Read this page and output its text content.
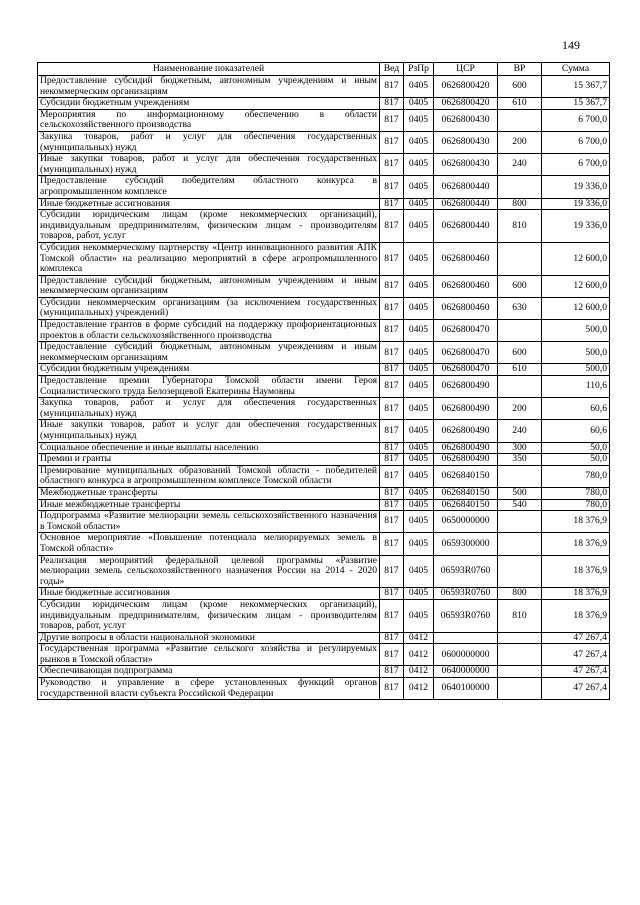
149
Наименование показателей	Вед	РзПр	ЦСР	ВР	Сумма
Предоставление субсидий бюджетным, автономным учреждениям и иным некоммерческим организациям	817	0405	0626800420	600	15 367,7
Субсидии бюджетным учреждениям	817	0405	0626800420	610	15 367,7
Мероприятия по информационному обеспечению в области сельскохозяйственного производства	817	0405	0626800430		6 700,0
Закупка товаров, работ и услуг для обеспечения государственных (муниципальных) нужд	817	0405	0626800430	200	6 700,0
Иные закупки товаров, работ и услуг для обеспечения государственных (муниципальных) нужд	817	0405	0626800430	240	6 700,0
Предоставление субсидий победителям областного конкурса в агропромышленном комплексе	817	0405	0626800440		19 336,0
Иные бюджетные ассигнования	817	0405	0626800440	800	19 336,0
Субсидии юридическим лицам (кроме некоммерческих организаций), индивидуальным предпринимателям, физическим лицам - производителям товаров, работ, услуг	817	0405	0626800440	810	19 336,0
Субсидия некоммерческому партнерству «Центр инновационного развития АПК Томской области» на реализацию мероприятий в сфере агропромышленного комплекса	817	0405	0626800460		12 600,0
Предоставление субсидий бюджетным, автономным учреждениям и иным некоммерческим организациям	817	0405	0626800460	600	12 600,0
Субсидии некоммерческим организациям (за исключением государственных (муниципальных) учреждений)	817	0405	0626800460	630	12 600,0
Предоставление грантов в форме субсидий на поддержку профориентационных проектов в области сельскохозяйственного производства	817	0405	0626800470		500,0
Предоставление субсидий бюджетным, автономным учреждениям и иным некоммерческим организациям	817	0405	0626800470	600	500,0
Субсидии бюджетным учреждениям	817	0405	0626800470	610	500,0
Предоставление премии Губернатора Томской области имени Героя Социалистического труда Белозерцевой Екатерины Наумовны	817	0405	0626800490		110,6
Закупка товаров, работ и услуг для обеспечения государственных (муниципальных) нужд	817	0405	0626800490	200	60,6
Иные закупки товаров, работ и услуг для обеспечения государственных (муниципальных) нужд	817	0405	0626800490	240	60,6
Социальное обеспечение и иные выплаты населению	817	0405	0626800490	300	50,0
Премии и гранты	817	0405	0626800490	350	50,0
Премирование муниципальных образований Томской области - победителей областного конкурса в агропромышленном комплексе Томской области	817	0405	0626840150		780,0
Межбюджетные трансферты	817	0405	0626840150	500	780,0
Иные межбюджетные трансферты	817	0405	0626840150	540	780,0
Подпрограмма «Развитие мелиорации земель сельскохозяйственного назначения в Томской области»	817	0405	0650000000		18 376,9
Основное мероприятие «Повышение потенциала мелиорируемых земель в Томской области»	817	0405	0659300000		18 376,9
Реализация мероприятий федеральной целевой программы «Развитие мелиорации земель сельскохозяйственного назначения России на 2014 - 2020 годы»	817	0405	06593R0760		18 376,9
Иные бюджетные ассигнования	817	0405	06593R0760	800	18 376,9
Субсидии юридическим лицам (кроме некоммерческих организаций), индивидуальным предпринимателям, физическим лицам - производителям товаров, работ, услуг	817	0405	06593R0760	810	18 376,9
Другие вопросы в области национальной экономики	817	0412			47 267,4
Государственная программа «Развитие сельского хозяйства и регулируемых рынков в Томской области»	817	0412	0600000000		47 267,4
Обеспечивающая подпрограмма	817	0412	0640000000		47 267,4
Руководство и управление в сфере установленных функций органов государственной власти субъекта Российской Федерации	817	0412	0640100000		47 267,4
